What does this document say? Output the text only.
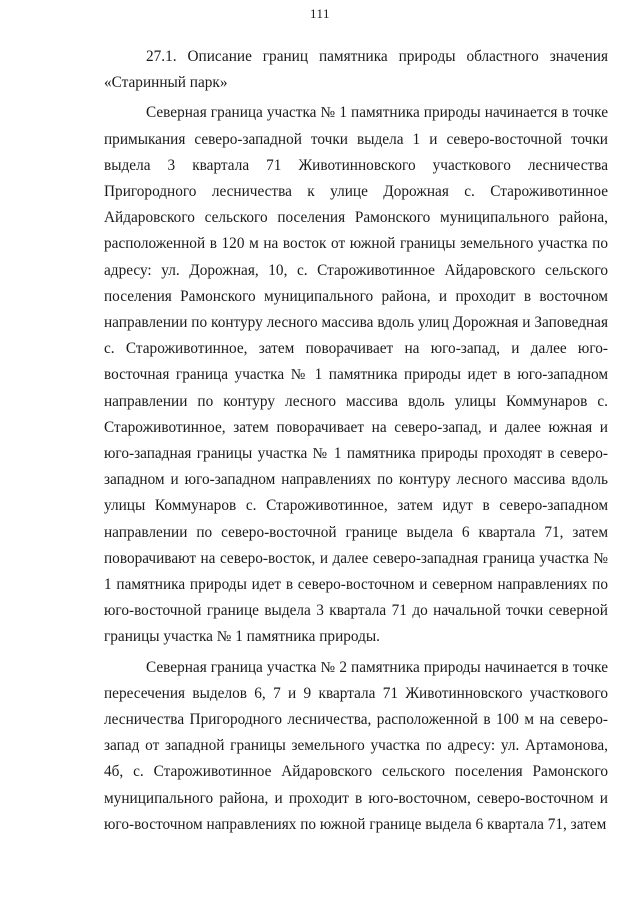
111

27.1. Описание границ памятника природы областного значения «Старинный парк»

Северная граница участка № 1 памятника природы начинается в точке примыкания северо-западной точки выдела 1 и северо-восточной точки выдела 3 квартала 71 Животинновского участкового лесничества Пригородного лесничества к улице Дорожная с. Староживотинное Айдаровского сельского поселения Рамонского муниципального района, расположенной в 120 м на восток от южной границы земельного участка по адресу: ул. Дорожная, 10, с. Староживотинное Айдаровского сельского поселения Рамонского муниципального района, и проходит в восточном направлении по контуру лесного массива вдоль улиц Дорожная и Заповедная с. Староживотинное, затем поворачивает на юго-запад, и далее юго-восточная граница участка № 1 памятника природы идет в юго-западном направлении по контуру лесного массива вдоль улицы Коммунаров с. Староживотинное, затем поворачивает на северо-запад, и далее южная и юго-западная границы участка № 1 памятника природы проходят в северо-западном и юго-западном направлениях по контуру лесного массива вдоль улицы Коммунаров с. Староживотинное, затем идут в северо-западном направлении по северо-восточной границе выдела 6 квартала 71, затем поворачивают на северо-восток, и далее северо-западная граница участка № 1 памятника природы идет в северо-восточном и северном направлениях по юго-восточной границе выдела 3 квартала 71 до начальной точки северной границы участка № 1 памятника природы.

Северная граница участка № 2 памятника природы начинается в точке пересечения выделов 6, 7 и 9 квартала 71 Животинновского участкового лесничества Пригородного лесничества, расположенной в 100 м на северо-запад от западной границы земельного участка по адресу: ул. Артамонова, 4б, с. Староживотинное Айдаровского сельского поселения Рамонского муниципального района, и проходит в юго-восточном, северо-восточном и юго-восточном направлениях по южной границе выдела 6 квартала 71, затем
